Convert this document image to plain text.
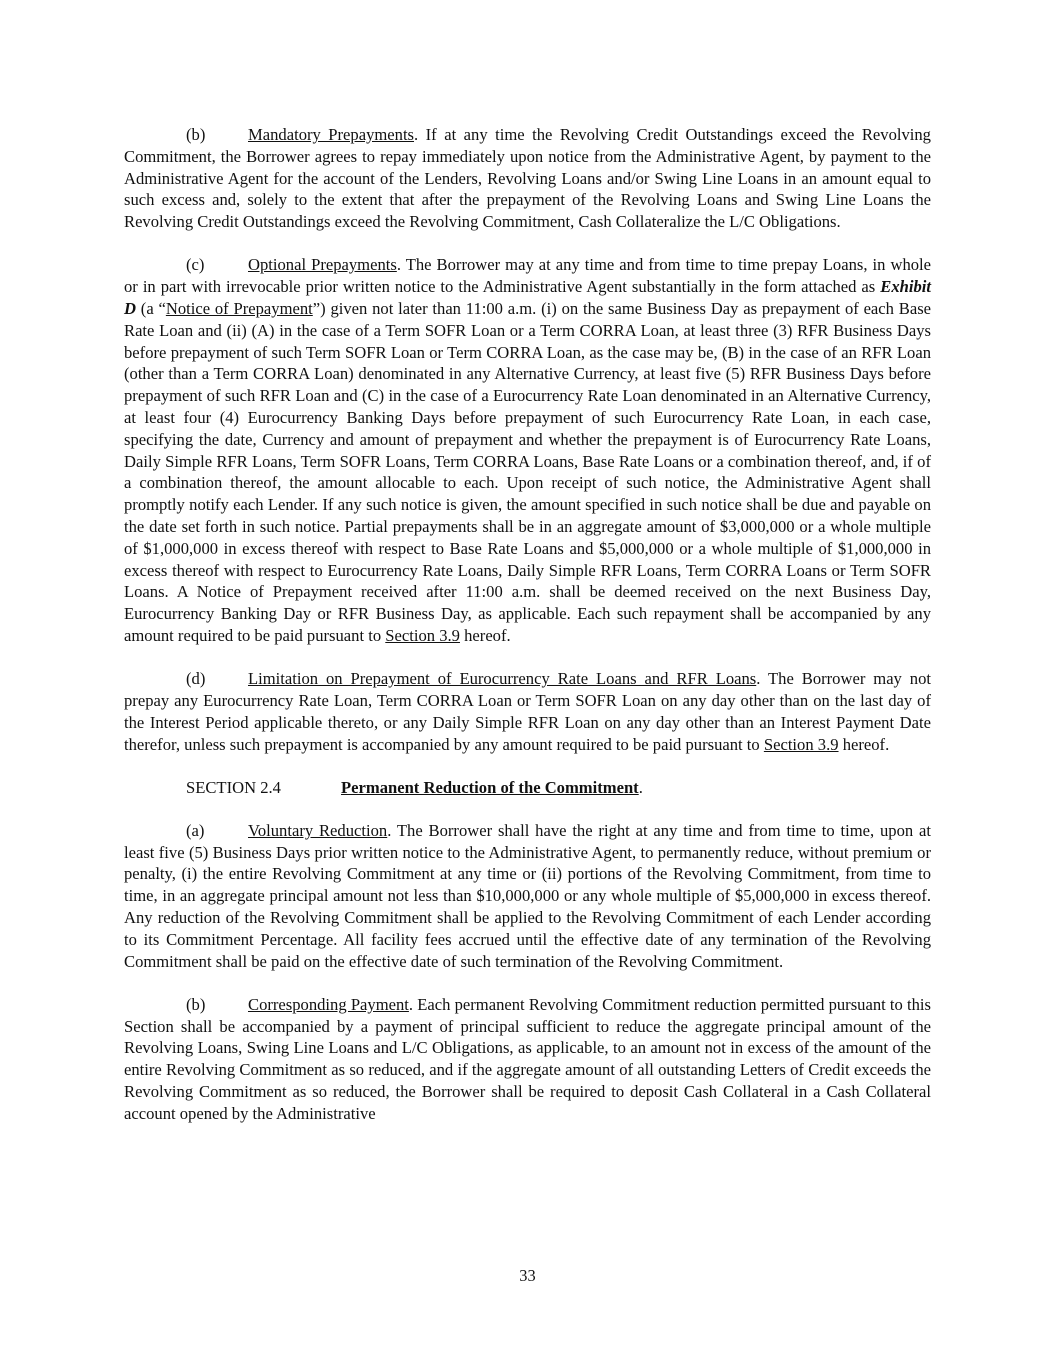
(b)	Mandatory Prepayments. If at any time the Revolving Credit Outstandings exceed the Revolving Commitment, the Borrower agrees to repay immediately upon notice from the Administrative Agent, by payment to the Administrative Agent for the account of the Lenders, Revolving Loans and/or Swing Line Loans in an amount equal to such excess and, solely to the extent that after the prepayment of the Revolving Loans and Swing Line Loans the Revolving Credit Outstandings exceed the Revolving Commitment, Cash Collateralize the L/C Obligations.

(c)	Optional Prepayments. The Borrower may at any time and from time to time prepay Loans, in whole or in part with irrevocable prior written notice to the Administrative Agent substantially in the form attached as Exhibit D (a “Notice of Prepayment”) given not later than 11:00 a.m. (i) on the same Business Day as prepayment of each Base Rate Loan and (ii) (A) in the case of a Term SOFR Loan or a Term CORRA Loan, at least three (3) RFR Business Days before prepayment of such Term SOFR Loan or Term CORRA Loan, as the case may be, (B) in the case of an RFR Loan (other than a Term CORRA Loan) denominated in any Alternative Currency, at least five (5) RFR Business Days before prepayment of such RFR Loan and (C) in the case of a Eurocurrency Rate Loan denominated in an Alternative Currency, at least four (4) Eurocurrency Banking Days before prepayment of such Eurocurrency Rate Loan, in each case, specifying the date, Currency and amount of prepayment and whether the prepayment is of Eurocurrency Rate Loans, Daily Simple RFR Loans, Term SOFR Loans, Term CORRA Loans, Base Rate Loans or a combination thereof, and, if of a combination thereof, the amount allocable to each. Upon receipt of such notice, the Administrative Agent shall promptly notify each Lender. If any such notice is given, the amount specified in such notice shall be due and payable on the date set forth in such notice. Partial prepayments shall be in an aggregate amount of $3,000,000 or a whole multiple of $1,000,000 in excess thereof with respect to Base Rate Loans and $5,000,000 or a whole multiple of $1,000,000 in excess thereof with respect to Eurocurrency Rate Loans, Daily Simple RFR Loans, Term CORRA Loans or Term SOFR Loans. A Notice of Prepayment received after 11:00 a.m. shall be deemed received on the next Business Day, Eurocurrency Banking Day or RFR Business Day, as applicable. Each such repayment shall be accompanied by any amount required to be paid pursuant to Section 3.9 hereof.

(d)	Limitation on Prepayment of Eurocurrency Rate Loans and RFR Loans. The Borrower may not prepay any Eurocurrency Rate Loan, Term CORRA Loan or Term SOFR Loan on any day other than on the last day of the Interest Period applicable thereto, or any Daily Simple RFR Loan on any day other than an Interest Payment Date therefor, unless such prepayment is accompanied by any amount required to be paid pursuant to Section 3.9 hereof.

SECTION 2.4	Permanent Reduction of the Commitment.

(a)	Voluntary Reduction. The Borrower shall have the right at any time and from time to time, upon at least five (5) Business Days prior written notice to the Administrative Agent, to permanently reduce, without premium or penalty, (i) the entire Revolving Commitment at any time or (ii) portions of the Revolving Commitment, from time to time, in an aggregate principal amount not less than $10,000,000 or any whole multiple of $5,000,000 in excess thereof. Any reduction of the Revolving Commitment shall be applied to the Revolving Commitment of each Lender according to its Commitment Percentage. All facility fees accrued until the effective date of any termination of the Revolving Commitment shall be paid on the effective date of such termination of the Revolving Commitment.

(b)	Corresponding Payment. Each permanent Revolving Commitment reduction permitted pursuant to this Section shall be accompanied by a payment of principal sufficient to reduce the aggregate principal amount of the Revolving Loans, Swing Line Loans and L/C Obligations, as applicable, to an amount not in excess of the amount of the entire Revolving Commitment as so reduced, and if the aggregate amount of all outstanding Letters of Credit exceeds the Revolving Commitment as so reduced, the Borrower shall be required to deposit Cash Collateral in a Cash Collateral account opened by the Administrative

33
